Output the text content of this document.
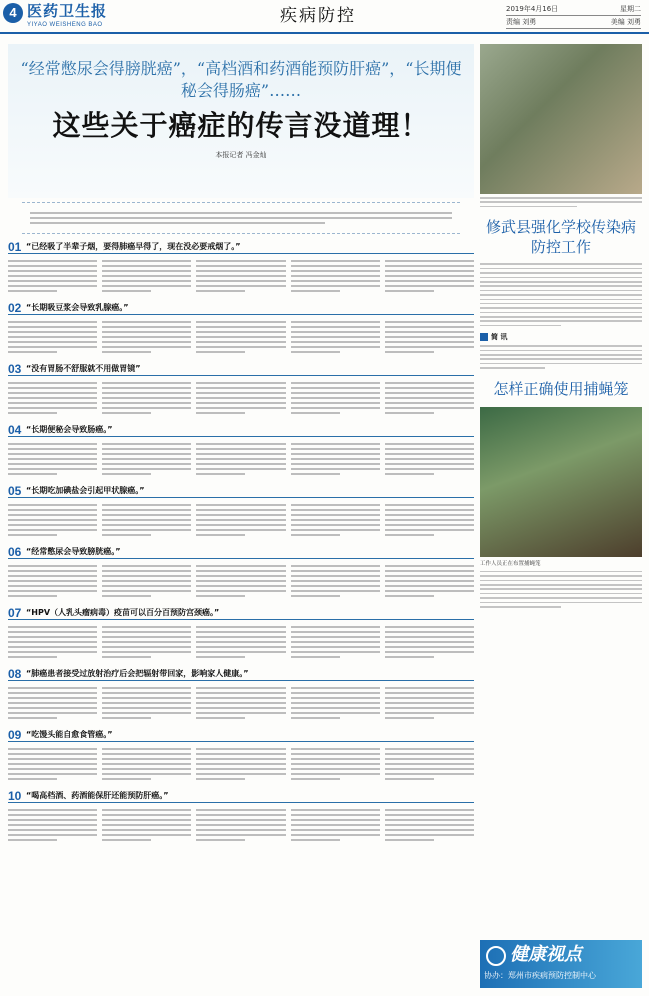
4 医药卫生报
YIYAO WEISHENG BAO	疾病防控	2019年4月16日	星期二
责编 刘勇	美编 刘勇
“经常憋尿会得膀胱癌”，“高档酒和药酒能预防肝癌”，“长期便秘会得肠癌”……
这些关于癌症的传言没道理！
本报记者 冯金灿
01 “已经吸了半辈子烟，要得肺癌早得了，现在没必要戒烟了。”
02 “长期吸豆浆会导致乳腺癌。”
03 “没有胃肠不舒服就不用做胃镜”
04 “长期便秘会导致肠癌。”
05 “长期吃加碘盐会引起甲状腺癌。”
06 “经常憋尿会导致膀胱癌。”
07 “HPV（人乳头瘤病毒）疫苗可以百分百预防宫颈癌。”
08 “肺癌患者接受过放射治疗后会把辐射带回家，影响家人健康。”
09 “吃馒头能自愈食管癌。”
10 “喝高档酒、药酒能保肝还能预防肝癌。”
修武县强化学校传染病防控工作
简 讯
怎样正确使用捕蝇笼
工作人员正在布置捕蝇笼
健康视点
协办：郑州市疾病预防控制中心
